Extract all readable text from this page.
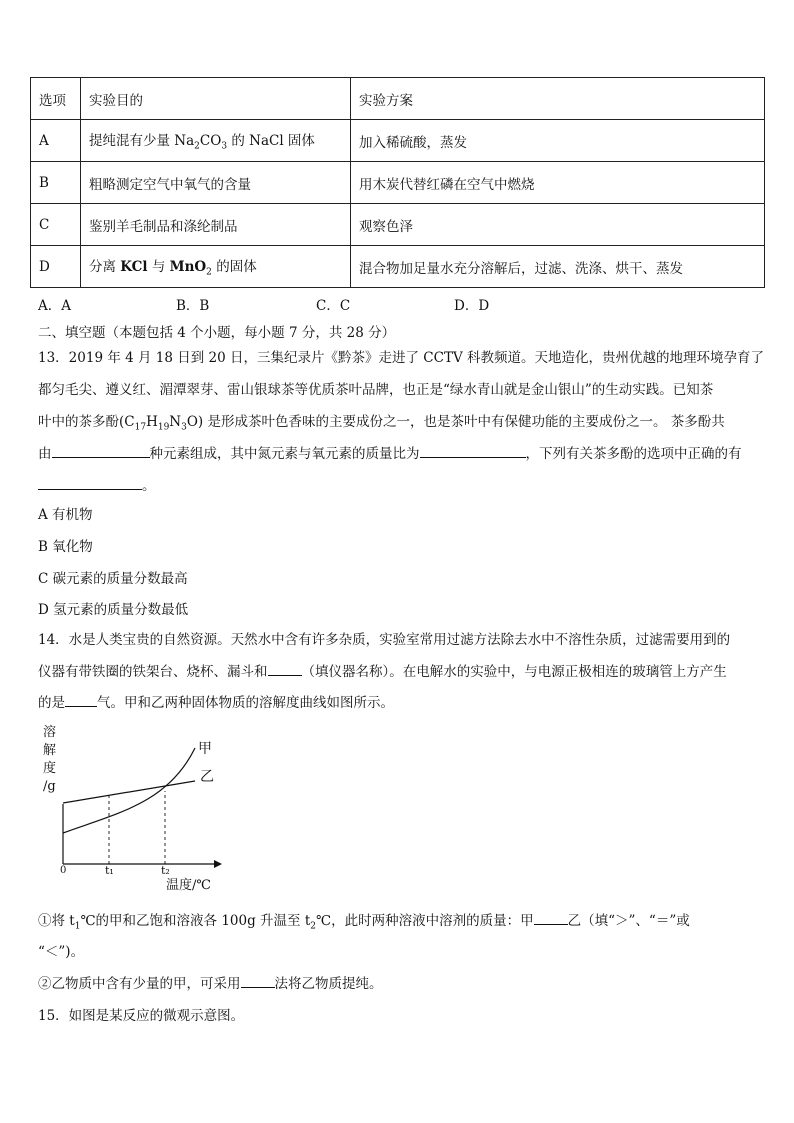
选项	实验目的	实验方案
A	提纯混有少量 $Na_2CO_3$ 的 NaCl 固体	加入稀硫酸，蒸发
B	粗略测定空气中氧气的含量	用木炭代替红磷在空气中燃烧
C	鉴别羊毛制品和涤纶制品	观察色泽
D	分离 KCl 与 MnO$_2$ 的固体	混合物加足量水充分溶解后，过滤、洗涤、烘干、蒸发
A．A	B．B	C．C	D．D
二、填空题（本题包括 4 个小题，每小题 7 分，共 28 分）
13．2019 年 4 月 18 日到 20 日，三集纪录片《黔茶》走进了 CCTV 科教频道。天地造化，贵州优越的地理环境孕育了
都匀毛尖、遵义红、湄潭翠芽、雷山银球茶等优质茶叶品牌，也正是“绿水青山就是金山银山”的生动实践。已知茶
叶中的茶多酚$(C_{17}H_{19}N_3O)$ 是形成茶叶色香味的主要成份之一，也是茶叶中有保健功能的主要成份之一。 茶多酚共
由	种元素组成，其中氮元素与氧元素的质量比为	，下列有关茶多酚的选项中正确的有
。
A 有机物
B 氧化物
C 碳元素的质量分数最高
D 氢元素的质量分数最低
14．水是人类宝贵的自然资源。天然水中含有许多杂质，实验室常用过滤方法除去水中不溶性杂质，过滤需要用到的
仪器有带铁圈的铁架台、烧杯、漏斗和	（填仪器名称）。在电解水的实验中，与电源正极相连的玻璃管上方产生
的是 气。甲和乙两种固体物质的溶解度曲线如图所示。
溶
解
度
/g
0	t₁	t₂
温度/℃
甲
乙
①将 $t_1℃$的甲和乙饱和溶液各 100g 升温至 $t_2℃$，此时两种溶液中溶剂的质量：甲	乙（填“＞”、“＝”或
“＜”)。
②乙物质中含有少量的甲，可采用	法将乙物质提纯。
15．如图是某反应的微观示意图。
